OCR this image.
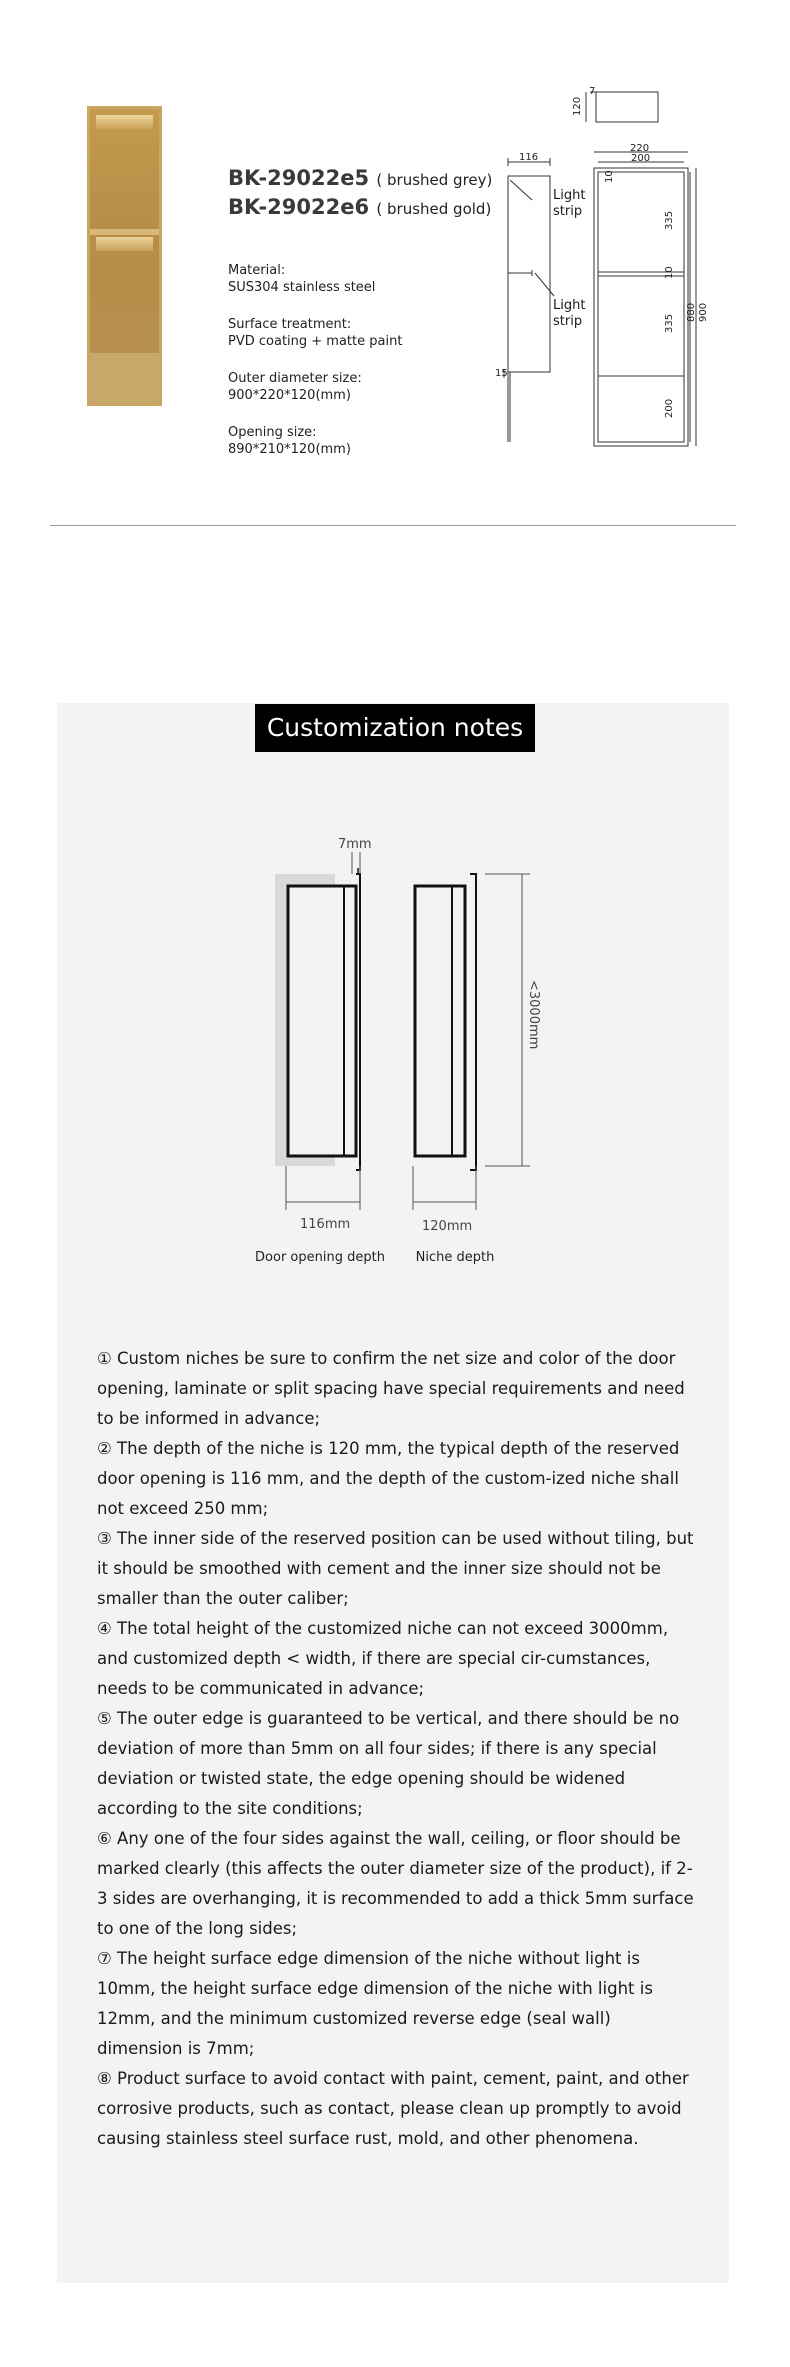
BK-29022e5 ( brushed grey)
BK-29022e6 ( brushed gold)
Material:
SUS304 stainless steel
Surface treatment:
PVD coating + matte paint
Outer diameter size:
900*220*120(mm)
Opening size:
890*210*120(mm)
120
7
116
15
220
200
10
335
10
335
200
880 900
Light
strip
Light
strip
Customization notes
7mm
<3000mm
116mm	120mm
Door opening depth	Niche depth

① Custom niches be sure to confirm the net size and color of the door opening, laminate or split spacing have special requirements and need to be informed in advance;

② The depth of the niche is 120 mm, the typical depth of the reserved door opening is 116 mm, and the depth of the custom-ized niche shall not exceed 250 mm;

③ The inner side of the reserved position can be used without tiling, but it should be smoothed with cement and the inner size should not be smaller than the outer caliber;

④ The total height of the customized niche can not exceed 3000mm, and customized depth < width, if there are special cir-cumstances, needs to be communicated in advance;

⑤ The outer edge is guaranteed to be vertical, and there should be no deviation of more than 5mm on all four sides; if there is any special deviation or twisted state, the edge opening should be widened according to the site conditions;

⑥ Any one of the four sides against the wall, ceiling, or floor should be marked clearly (this affects the outer diameter size of the product), if 2-3 sides are overhanging, it is recommended to add a thick 5mm surface to one of the long sides;

⑦ The height surface edge dimension of the niche without light is 10mm, the height surface edge dimension of the niche with light is 12mm, and the minimum customized reverse edge (seal wall) dimension is 7mm;

⑧ Product surface to avoid contact with paint, cement, paint, and other corrosive products, such as contact, please clean up promptly to avoid causing stainless steel surface rust, mold, and other phenomena.
